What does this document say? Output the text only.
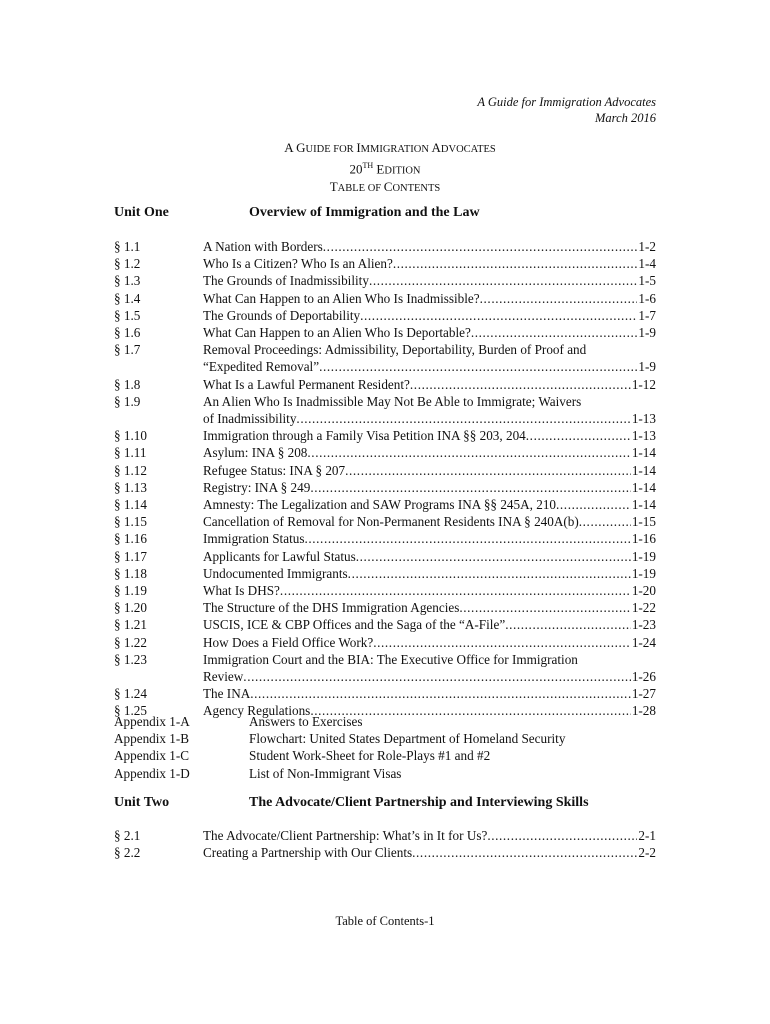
A Guide for Immigration Advocates
March 2016
A GUIDE FOR IMMIGRATION ADVOCATES
20TH EDITION
TABLE OF CONTENTS
Unit One	Overview of Immigration and the Law
§ 1.1	A Nation with Borders . . .	1-2
§ 1.2	Who Is a Citizen? Who Is an Alien? . . .	1-4
§ 1.3	The Grounds of Inadmissibility . . .	1-5
§ 1.4	What Can Happen to an Alien Who Is Inadmissible? . . .	1-6
§ 1.5	The Grounds of Deportability . . .	1-7
§ 1.6	What Can Happen to an Alien Who Is Deportable? . . .	1-9
§ 1.7	Removal Proceedings: Admissibility, Deportability, Burden of Proof and
“Expedited Removal” . . .	1-9
§ 1.8	What Is a Lawful Permanent Resident? . . .	1-12
§ 1.9	An Alien Who Is Inadmissible May Not Be Able to Immigrate; Waivers
of Inadmissibility . . .	1-13
§ 1.10	Immigration through a Family Visa Petition INA §§ 203, 204 . . .	1-13
§ 1.11	Asylum: INA § 208 . . .	1-14
§ 1.12	Refugee Status: INA § 207 . . .	1-14
§ 1.13	Registry: INA § 249 . . .	1-14
§ 1.14	Amnesty: The Legalization and SAW Programs INA §§ 245A, 210 . . .	1-14
§ 1.15	Cancellation of Removal for Non-Permanent Residents INA § 240A(b) . . .	1-15
§ 1.16	Immigration Status . . .	1-16
§ 1.17	Applicants for Lawful Status . . .	1-19
§ 1.18	Undocumented Immigrants . . .	1-19
§ 1.19	What Is DHS? . . .	1-20
§ 1.20	The Structure of the DHS Immigration Agencies . . .	1-22
§ 1.21	USCIS, ICE & CBP Offices and the Saga of the “A-File” . . .	1-23
§ 1.22	How Does a Field Office Work? . . .	1-24
§ 1.23	Immigration Court and the BIA: The Executive Office for Immigration
Review . . .	1-26
§ 1.24	The INA . . .	1-27
§ 1.25	Agency Regulations . . .	1-28
Appendix 1-A	Answers to Exercises
Appendix 1-B	Flowchart: United States Department of Homeland Security
Appendix 1-C	Student Work-Sheet for Role-Plays #1 and #2
Appendix 1-D	List of Non-Immigrant Visas
Unit Two	The Advocate/Client Partnership and Interviewing Skills
§ 2.1	The Advocate/Client Partnership: What’s in It for Us? . . .	2-1
§ 2.2	Creating a Partnership with Our Clients . . .	2-2
Table of Contents-1
